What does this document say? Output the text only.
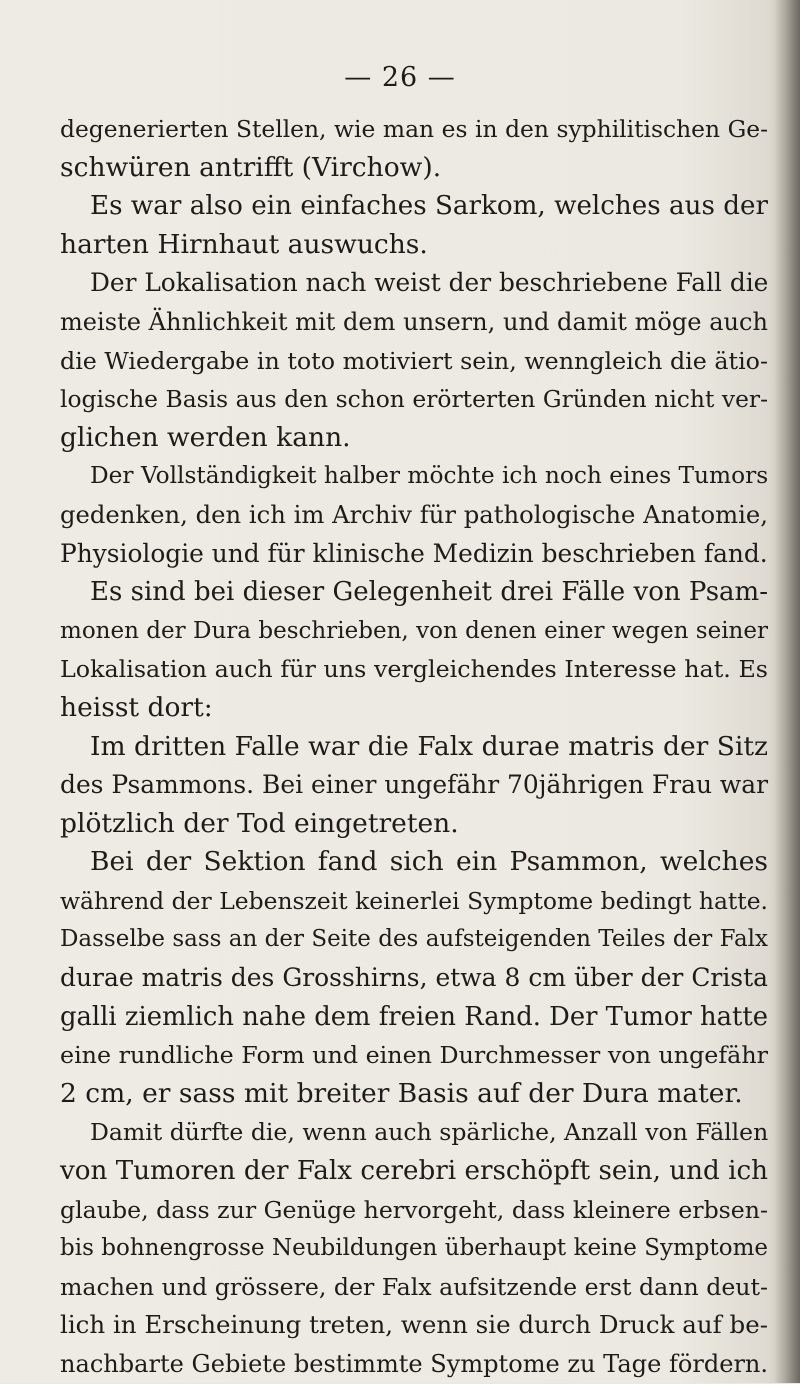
— 26 —
degenerierten Stellen, wie man es in den syphilitischen Ge-
schwüren antrifft (Virchow).
Es war also ein einfaches Sarkom, welches aus der
harten Hirnhaut auswuchs.
Der Lokalisation nach weist der beschriebene Fall die
meiste Ähnlichkeit mit dem unsern, und damit möge auch
die Wiedergabe in toto motiviert sein, wenngleich die ätio-
logische Basis aus den schon erörterten Gründen nicht ver-
glichen werden kann.
Der Vollständigkeit halber möchte ich noch eines Tumors
gedenken, den ich im Archiv für pathologische Anatomie,
Physiologie und für klinische Medizin beschrieben fand.
Es sind bei dieser Gelegenheit drei Fälle von Psam-
monen der Dura beschrieben, von denen einer wegen seiner
Lokalisation auch für uns vergleichendes Interesse hat. Es
heisst dort:
Im dritten Falle war die Falx durae matris der Sitz
des Psammons. Bei einer ungefähr 70jährigen Frau war
plötzlich der Tod eingetreten.
Bei der Sektion fand sich ein Psammon, welches
während der Lebenszeit keinerlei Symptome bedingt hatte.
Dasselbe sass an der Seite des aufsteigenden Teiles der Falx
durae matris des Grosshirns, etwa 8 cm über der Crista
galli ziemlich nahe dem freien Rand. Der Tumor hatte
eine rundliche Form und einen Durchmesser von ungefähr
2 cm, er sass mit breiter Basis auf der Dura mater.
Damit dürfte die, wenn auch spärliche, Anzall von Fällen
von Tumoren der Falx cerebri erschöpft sein, und ich
glaube, dass zur Genüge hervorgeht, dass kleinere erbsen-
bis bohnengrosse Neubildungen überhaupt keine Symptome
machen und grössere, der Falx aufsitzende erst dann deut-
lich in Erscheinung treten, wenn sie durch Druck auf be-
nachbarte Gebiete bestimmte Symptome zu Tage fördern.
